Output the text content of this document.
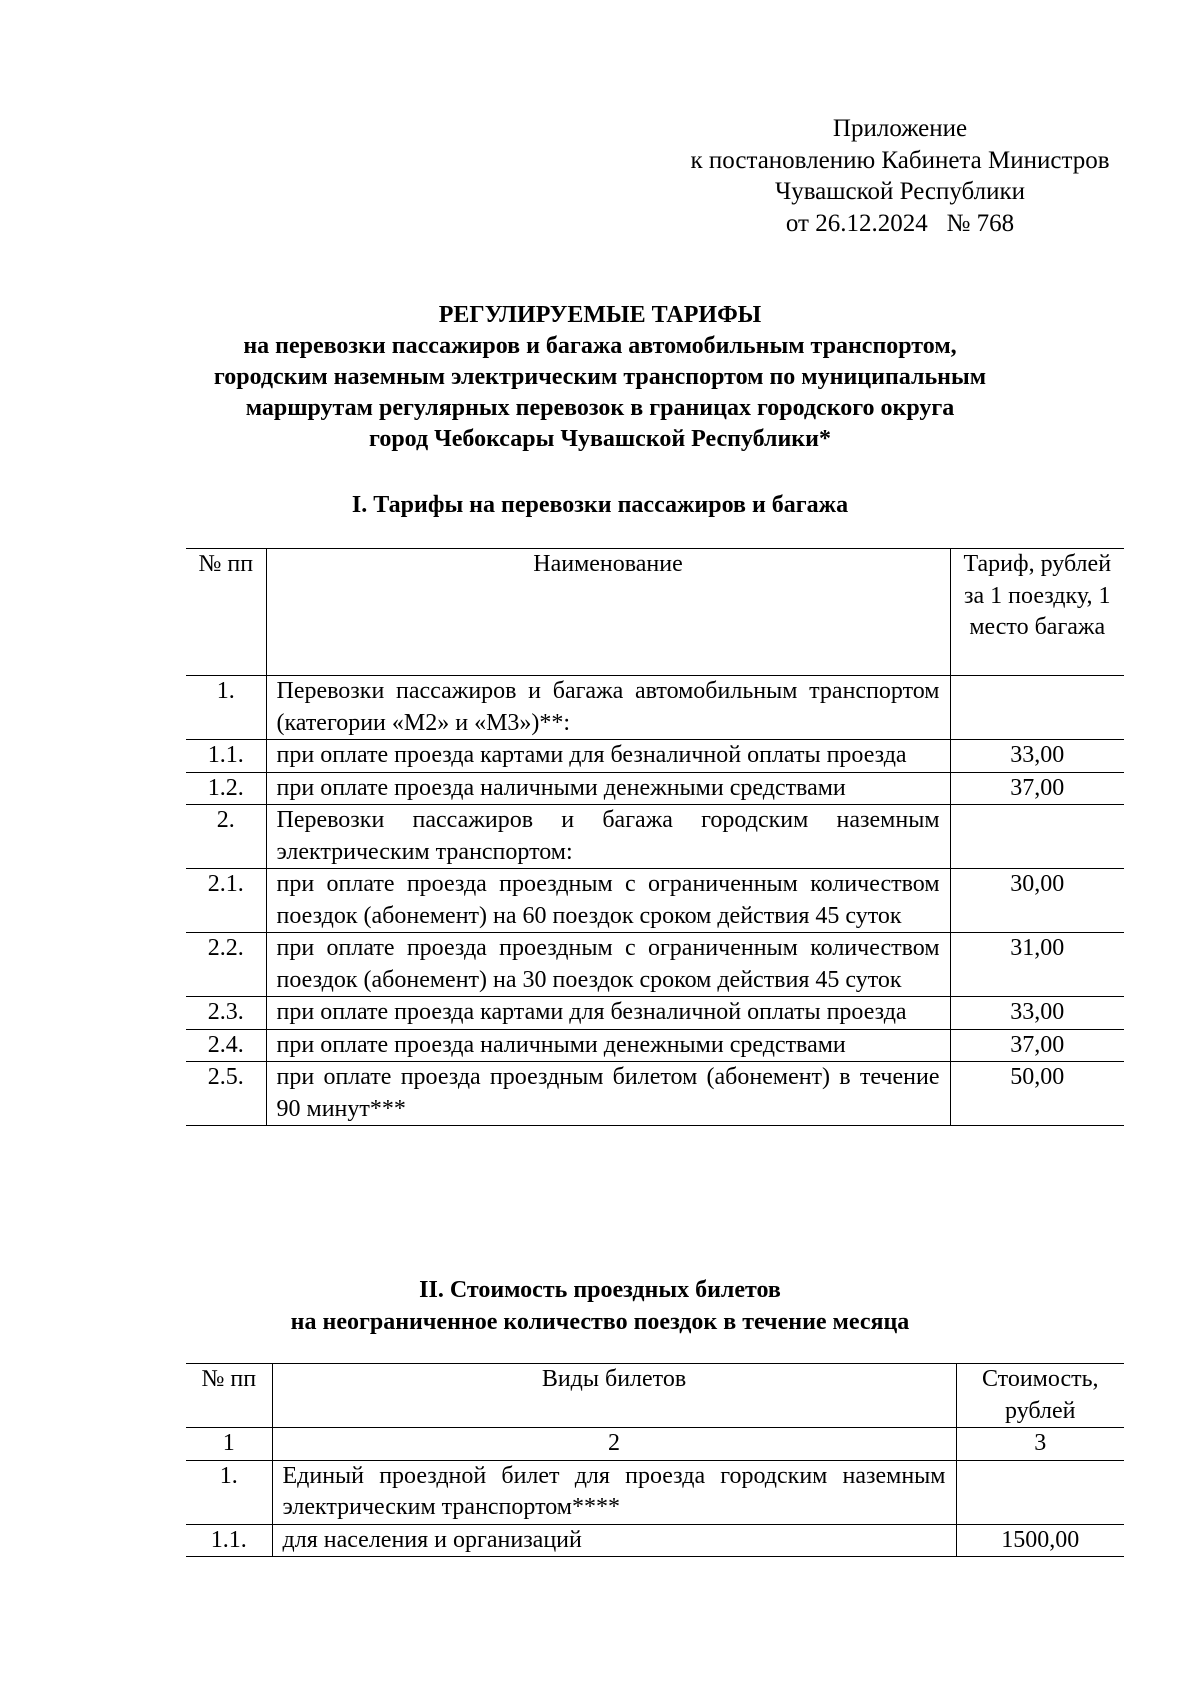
Приложение
к постановлению Кабинета Министров
Чувашской Республики
от 26.12.2024 № 768
РЕГУЛИРУЕМЫЕ ТАРИФЫ
на перевозки пассажиров и багажа автомобильным транспортом,
городским наземным электрическим транспортом по муниципальным
маршрутам регулярных перевозок в границах городского округа
город Чебоксары Чувашской Республики*
I. Тарифы на перевозки пассажиров и багажа
№ пп	Наименование	Тариф, рублей за 1 поездку, 1 место багажа
1.	Перевозки пассажиров и багажа автомобильным транспортом (категории «М2» и «М3»)**:	
1.1.	при оплате проезда картами для безналичной оплаты проезда	33,00
1.2.	при оплате проезда наличными денежными средствами	37,00
2.	Перевозки пассажиров и багажа городским наземным электрическим транспортом:	
2.1.	при оплате проезда проездным с ограниченным количеством поездок (абонемент) на 60 поездок сроком действия 45 суток	30,00
2.2.	при оплате проезда проездным с ограниченным количеством поездок (абонемент) на 30 поездок сроком действия 45 суток	31,00
2.3.	при оплате проезда картами для безналичной оплаты проезда	33,00
2.4.	при оплате проезда наличными денежными средствами	37,00
2.5.	при оплате проезда проездным билетом (абонемент) в течение 90 минут***	50,00
II. Стоимость проездных билетов
на неограниченное количество поездок в течение месяца
№ пп	Виды билетов	Стоимость, рублей
1	2	3
1.	Единый проездной билет для проезда городским наземным электрическим транспортом****	
1.1.	для населения и организаций	1500,00
